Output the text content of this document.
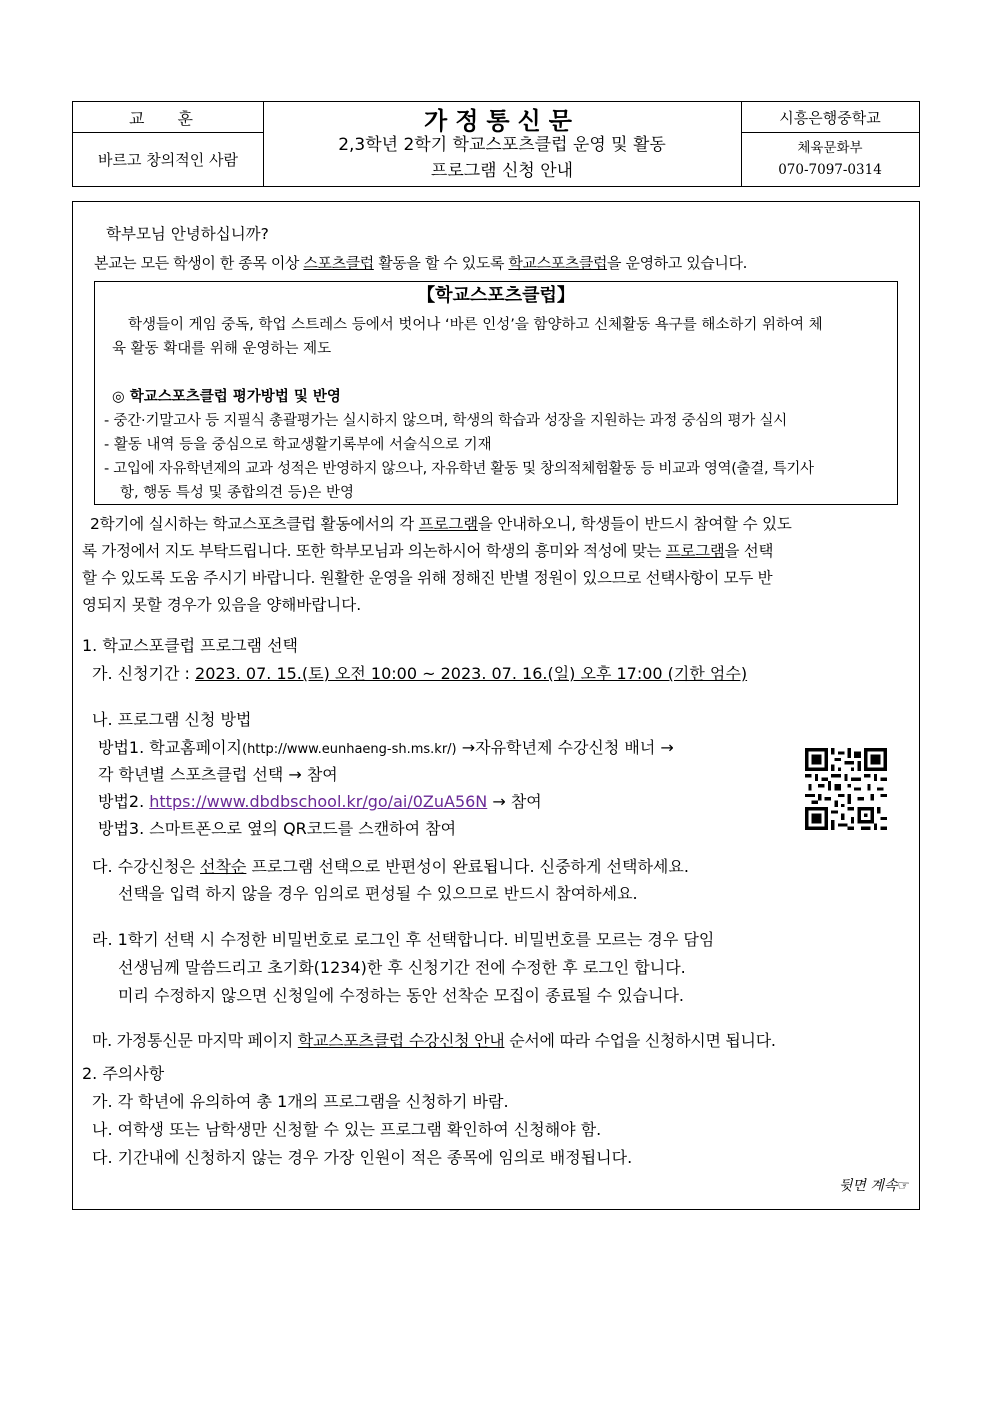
교 훈	가정통신문	시흥은행중학교
바르고 창의적인 사람
2,3학년 2학기 학교스포츠클럽 운영 및 활동
프로그램 신청 안내
체육문화부
070-7097-0314
학부모님 안녕하십니까?
본교는 모든 학생이 한 종목 이상 스포츠클럽 활동을 할 수 있도록 학교스포츠클럽을 운영하고 있습니다.
【학교스포츠클럽】
학생들이 게임 중독, 학업 스트레스 등에서 벗어나 ‘바른 인성’을 함양하고 신체활동 욕구를 해소하기 위하여 체
육 활동 확대를 위해 운영하는 제도
◎ 학교스포츠클럽 평가방법 및 반영
- 중간·기말고사 등 지필식 총괄평가는 실시하지 않으며, 학생의 학습과 성장을 지원하는 과정 중심의 평가 실시
- 활동 내역 등을 중심으로 학교생활기록부에 서술식으로 기재
- 고입에 자유학년제의 교과 성적은 반영하지 않으나, 자유학년 활동 및 창의적체험활동 등 비교과 영역(출결, 특기사
항, 행동 특성 및 종합의견 등)은 반영
2학기에 실시하는 학교스포츠클럽 활동에서의 각 프로그램을 안내하오니, 학생들이 반드시 참여할 수 있도
록 가정에서 지도 부탁드립니다. 또한 학부모님과 의논하시어 학생의 흥미와 적성에 맞는 프로그램을 선택
할 수 있도록 도움 주시기 바랍니다. 원활한 운영을 위해 정해진 반별 정원이 있으므로 선택사항이 모두 반
영되지 못할 경우가 있음을 양해바랍니다.
1. 학교스포클럽 프로그램 선택
가. 신청기간 : 2023. 07. 15.(토) 오전 10:00 ~ 2023. 07. 16.(일) 오후 17:00 (기한 엄수)
나. 프로그램 신청 방법
방법1. 학교홈페이지(http://www.eunhaeng-sh.ms.kr/) →자유학년제 수강신청 배너 →
각 학년별 스포츠클럽 선택 → 참여
방법2. https://www.dbdbschool.kr/go/ai/0ZuA56N → 참여
방법3. 스마트폰으로 옆의 QR코드를 스캔하여 참여
다. 수강신청은 선착순 프로그램 선택으로 반편성이 완료됩니다. 신중하게 선택하세요.
선택을 입력 하지 않을 경우 임의로 편성될 수 있으므로 반드시 참여하세요.
라. 1학기 선택 시 수정한 비밀번호로 로그인 후 선택합니다. 비밀번호를 모르는 경우 담임
선생님께 말씀드리고 초기화(1234)한 후 신청기간 전에 수정한 후 로그인 합니다.
미리 수정하지 않으면 신청일에 수정하는 동안 선착순 모집이 종료될 수 있습니다.
마. 가정통신문 마지막 페이지 학교스포츠클럽 수강신청 안내 순서에 따라 수업을 신청하시면 됩니다.
2. 주의사항
가. 각 학년에 유의하여 총 1개의 프로그램을 신청하기 바람.
나. 여학생 또는 남학생만 신청할 수 있는 프로그램 확인하여 신청해야 함.
다. 기간내에 신청하지 않는 경우 가장 인원이 적은 종목에 임의로 배정됩니다.
뒷면 계속☞
